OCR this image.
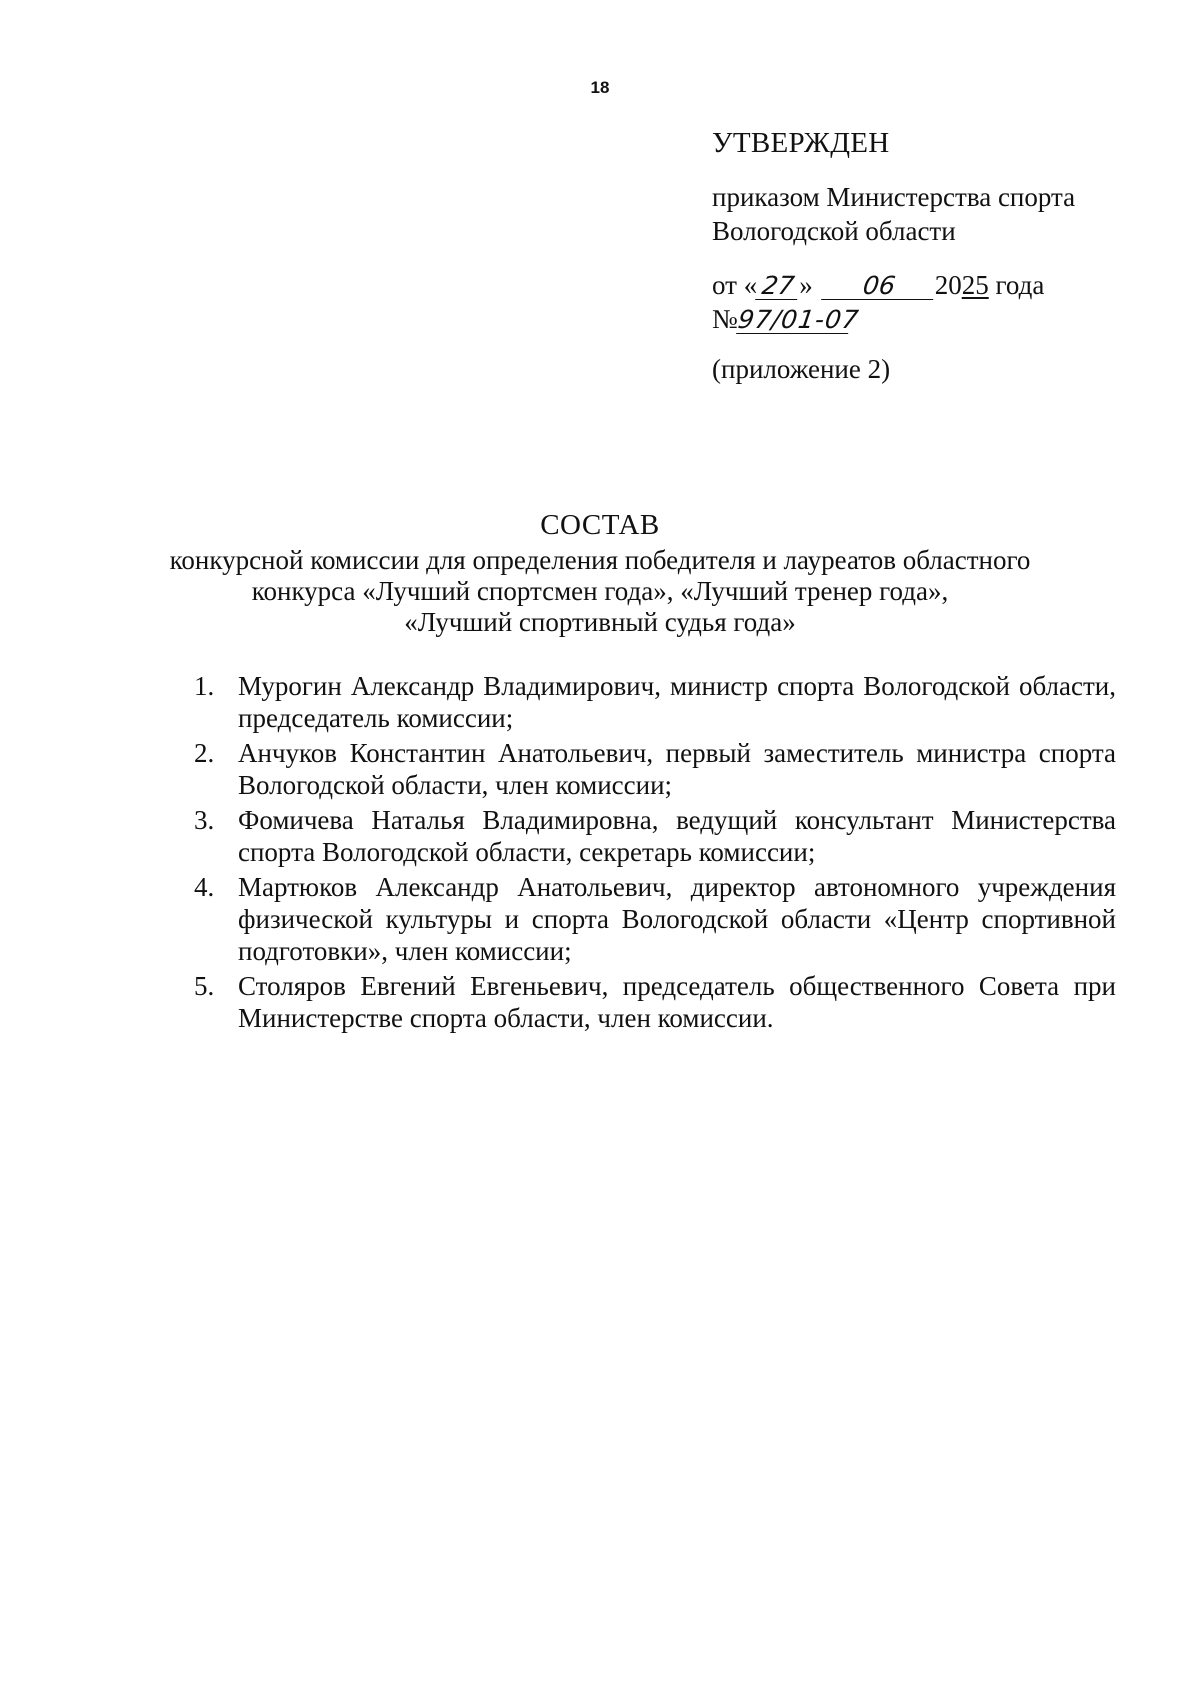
18
УТВЕРЖДЕН
приказом Министерства спорта
Вологодской области
от « 27 » 06 2025 года
№97/01-07
(приложение 2)
СОСТАВ
конкурсной комиссии для определения победителя и лауреатов областного
конкурса «Лучший спортсмен года», «Лучший тренер года»,
«Лучший спортивный судья года»
1. Мурогин Александр Владимирович, министр спорта Вологодской области, председатель комиссии;
2. Анчуков Константин Анатольевич, первый заместитель министра спорта Вологодской области, член комиссии;
3. Фомичева Наталья Владимировна, ведущий консультант Министерства спорта Вологодской области, секретарь комиссии;
4. Мартюков Александр Анатольевич, директор автономного учреждения физической культуры и спорта Вологодской области «Центр спортивной подготовки», член комиссии;
5. Столяров Евгений Евгеньевич, председатель общественного Совета при Министерстве спорта области, член комиссии.
